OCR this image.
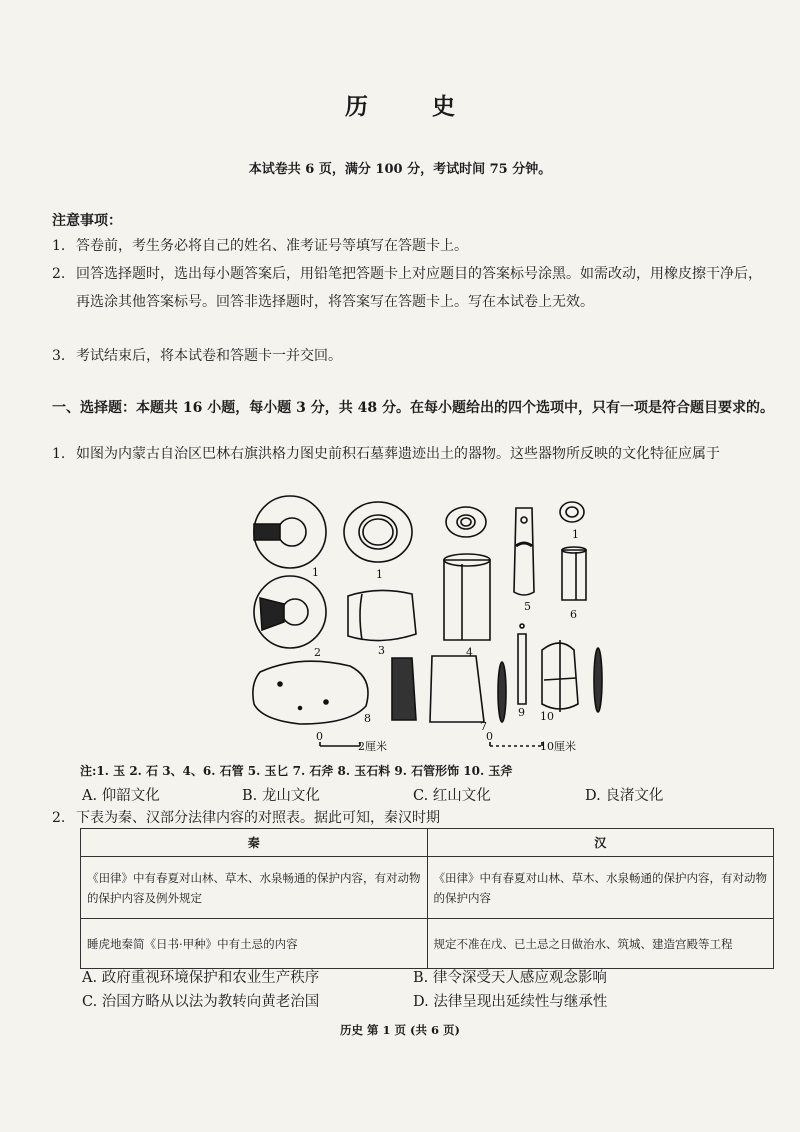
历 史
本试卷共 6 页，满分 100 分，考试时间 75 分钟。
注意事项：
1. 答卷前，考生务必将自己的姓名、准考证号等填写在答题卡上。
2. 回答选择题时，选出每小题答案后，用铅笔把答题卡上对应题目的答案标号涂黑。如需改动，用橡皮擦干净后，再选涂其他答案标号。回答非选择题时，将答案写在答题卡上。写在本试卷上无效。
3. 考试结束后，将本试卷和答题卡一并交回。
一、选择题：本题共 16 小题，每小题 3 分，共 48 分。在每小题给出的四个选项中，只有一项是符合题目要求的。
1. 如图为内蒙古自治区巴林右旗洪格力图史前积石墓葬遗迹出土的器物。这些器物所反映的文化特征应属于
1	1
1
2	3	4
5
6
7
8	9 10
0
2厘米
0
10厘米
注:1. 玉 2. 石 3、4、6. 石管 5. 玉匕 7. 石斧 8. 玉石料 9. 石管形饰 10. 玉斧
A. 仰韶文化	B. 龙山文化	C. 红山文化	D. 良渚文化
2. 下表为秦、汉部分法律内容的对照表。据此可知，秦汉时期
秦	汉
《田律》中有春夏对山林、草木、水泉畅通的保护内容，有对动物的保护内容及例外规定	《田律》中有春夏对山林、草木、水泉畅通的保护内容，有对动物的保护内容
睡虎地秦简《日书·甲种》中有土忌的内容	规定不准在戊、已土忌之日做治水、筑城、建造宫殿等工程
A. 政府重视环境保护和农业生产秩序	B. 律令深受天人感应观念影响
C. 治国方略从以法为教转向黄老治国	D. 法律呈现出延续性与继承性
历史 第 1 页 (共 6 页)
